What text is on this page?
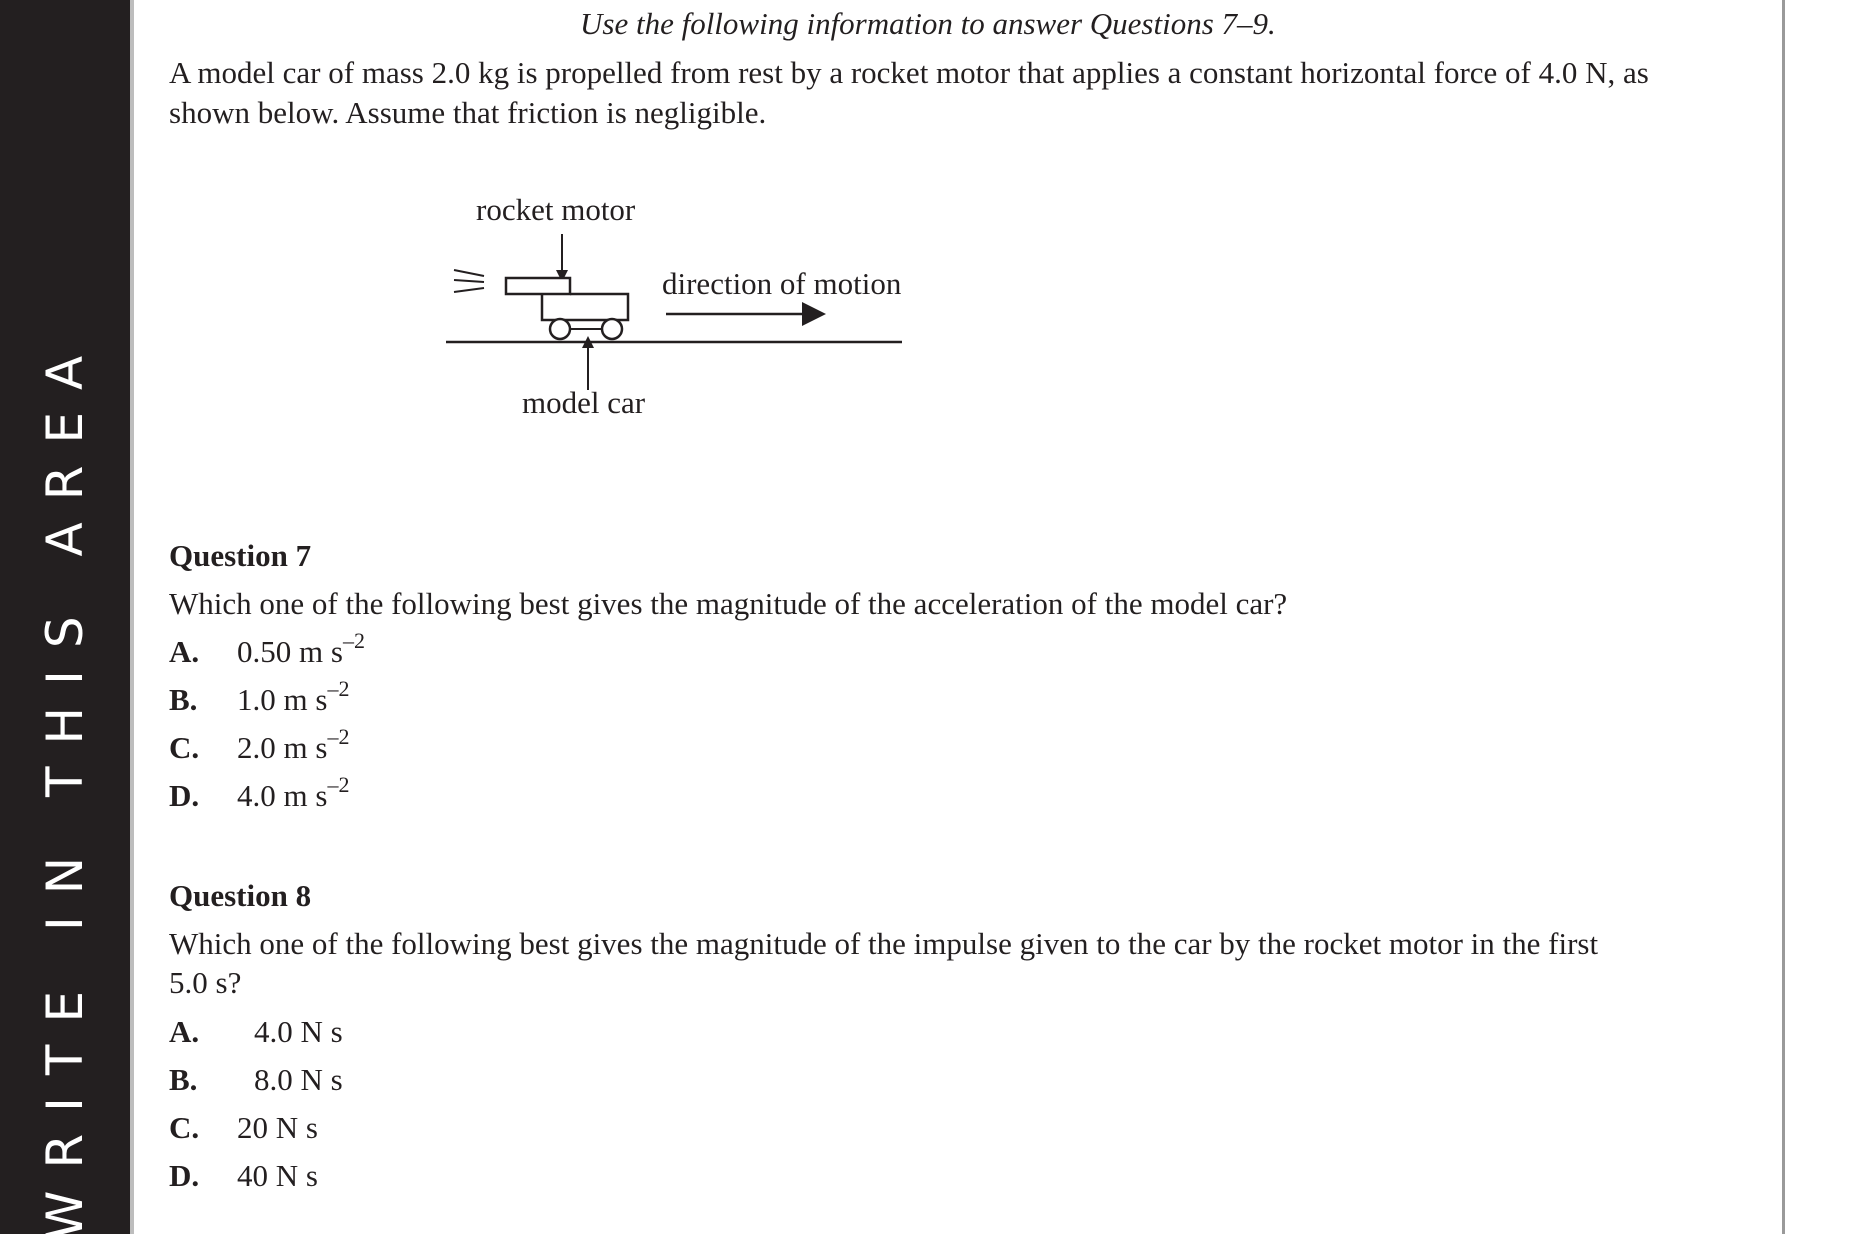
WRITE IN THIS AREA
Use the following information to answer Questions 7–9.
A model car of mass 2.0 kg is propelled from rest by a rocket motor that applies a constant horizontal force of 4.0 N, as shown below. Assume that friction is negligible.
rocket motor
direction of motion
model car
Question 7
Which one of the following best gives the magnitude of the acceleration of the model car?
A. 0.50 m $s^{-2}$
B. 1.0 m $s^{-2}$
C. 2.0 m $s^{-2}$
D. 4.0 m $s^{-2}$
Question 8
Which one of the following best gives the magnitude of the impulse given to the car by the rocket motor in the first
5.0 s?
A. 4.0 N s
B. 8.0 N s
C. 20 N s
D. 40 N s
